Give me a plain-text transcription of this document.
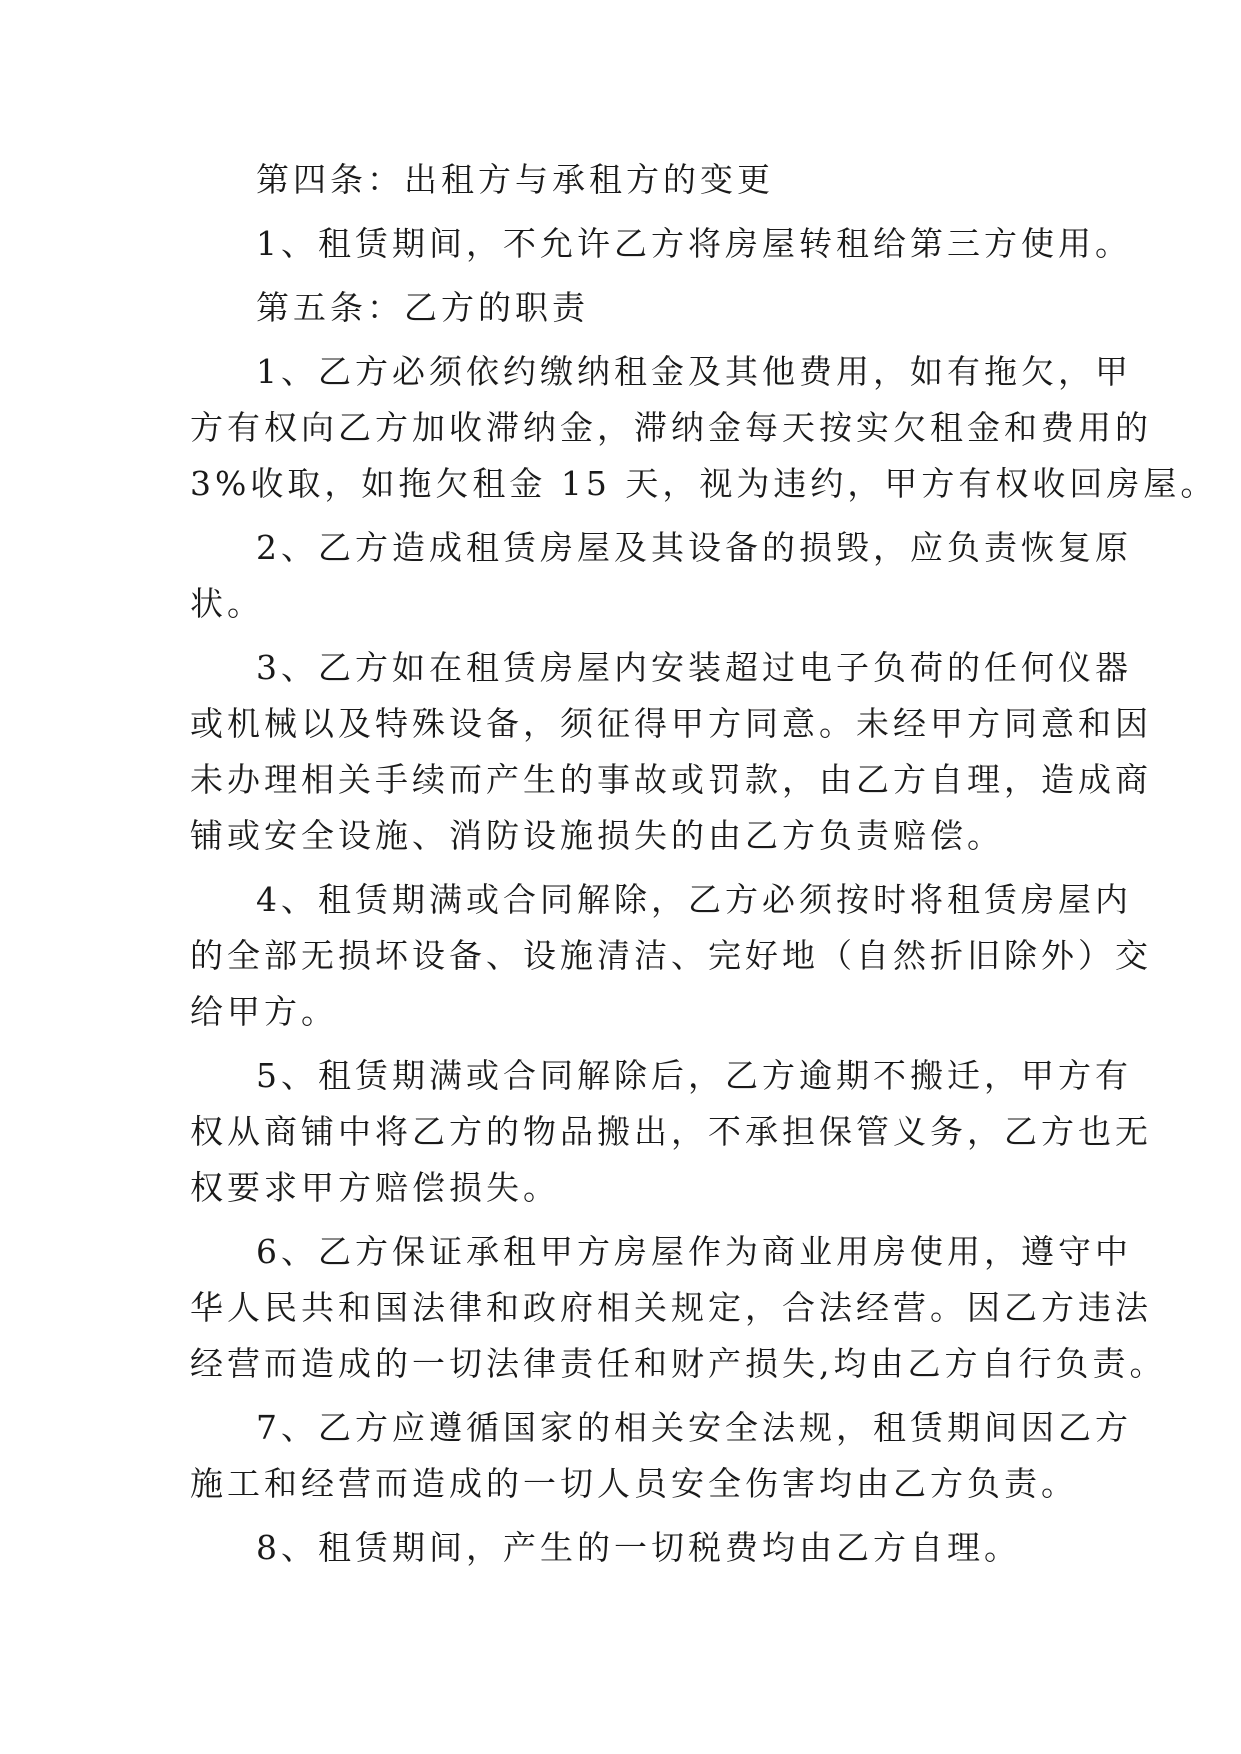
第四条：出租方与承租方的变更
1、租赁期间，不允许乙方将房屋转租给第三方使用。
第五条：乙方的职责
1、乙方必须依约缴纳租金及其他费用，如有拖欠，甲
方有权向乙方加收滞纳金，滞纳金每天按实欠租金和费用的
3%收取，如拖欠租金 15 天，视为违约，甲方有权收回房屋。
2、乙方造成租赁房屋及其设备的损毁，应负责恢复原
状。
3、乙方如在租赁房屋内安装超过电子负荷的任何仪器
或机械以及特殊设备，须征得甲方同意。未经甲方同意和因
未办理相关手续而产生的事故或罚款，由乙方自理，造成商
铺或安全设施、消防设施损失的由乙方负责赔偿。
4、租赁期满或合同解除，乙方必须按时将租赁房屋内
的全部无损坏设备、设施清洁、完好地（自然折旧除外）交
给甲方。
5、租赁期满或合同解除后，乙方逾期不搬迁，甲方有
权从商铺中将乙方的物品搬出，不承担保管义务，乙方也无
权要求甲方赔偿损失。
6、乙方保证承租甲方房屋作为商业用房使用，遵守中
华人民共和国法律和政府相关规定，合法经营。因乙方违法
经营而造成的一切法律责任和财产损失,均由乙方自行负责。
7、乙方应遵循国家的相关安全法规，租赁期间因乙方
施工和经营而造成的一切人员安全伤害均由乙方负责。
8、租赁期间，产生的一切税费均由乙方自理。
